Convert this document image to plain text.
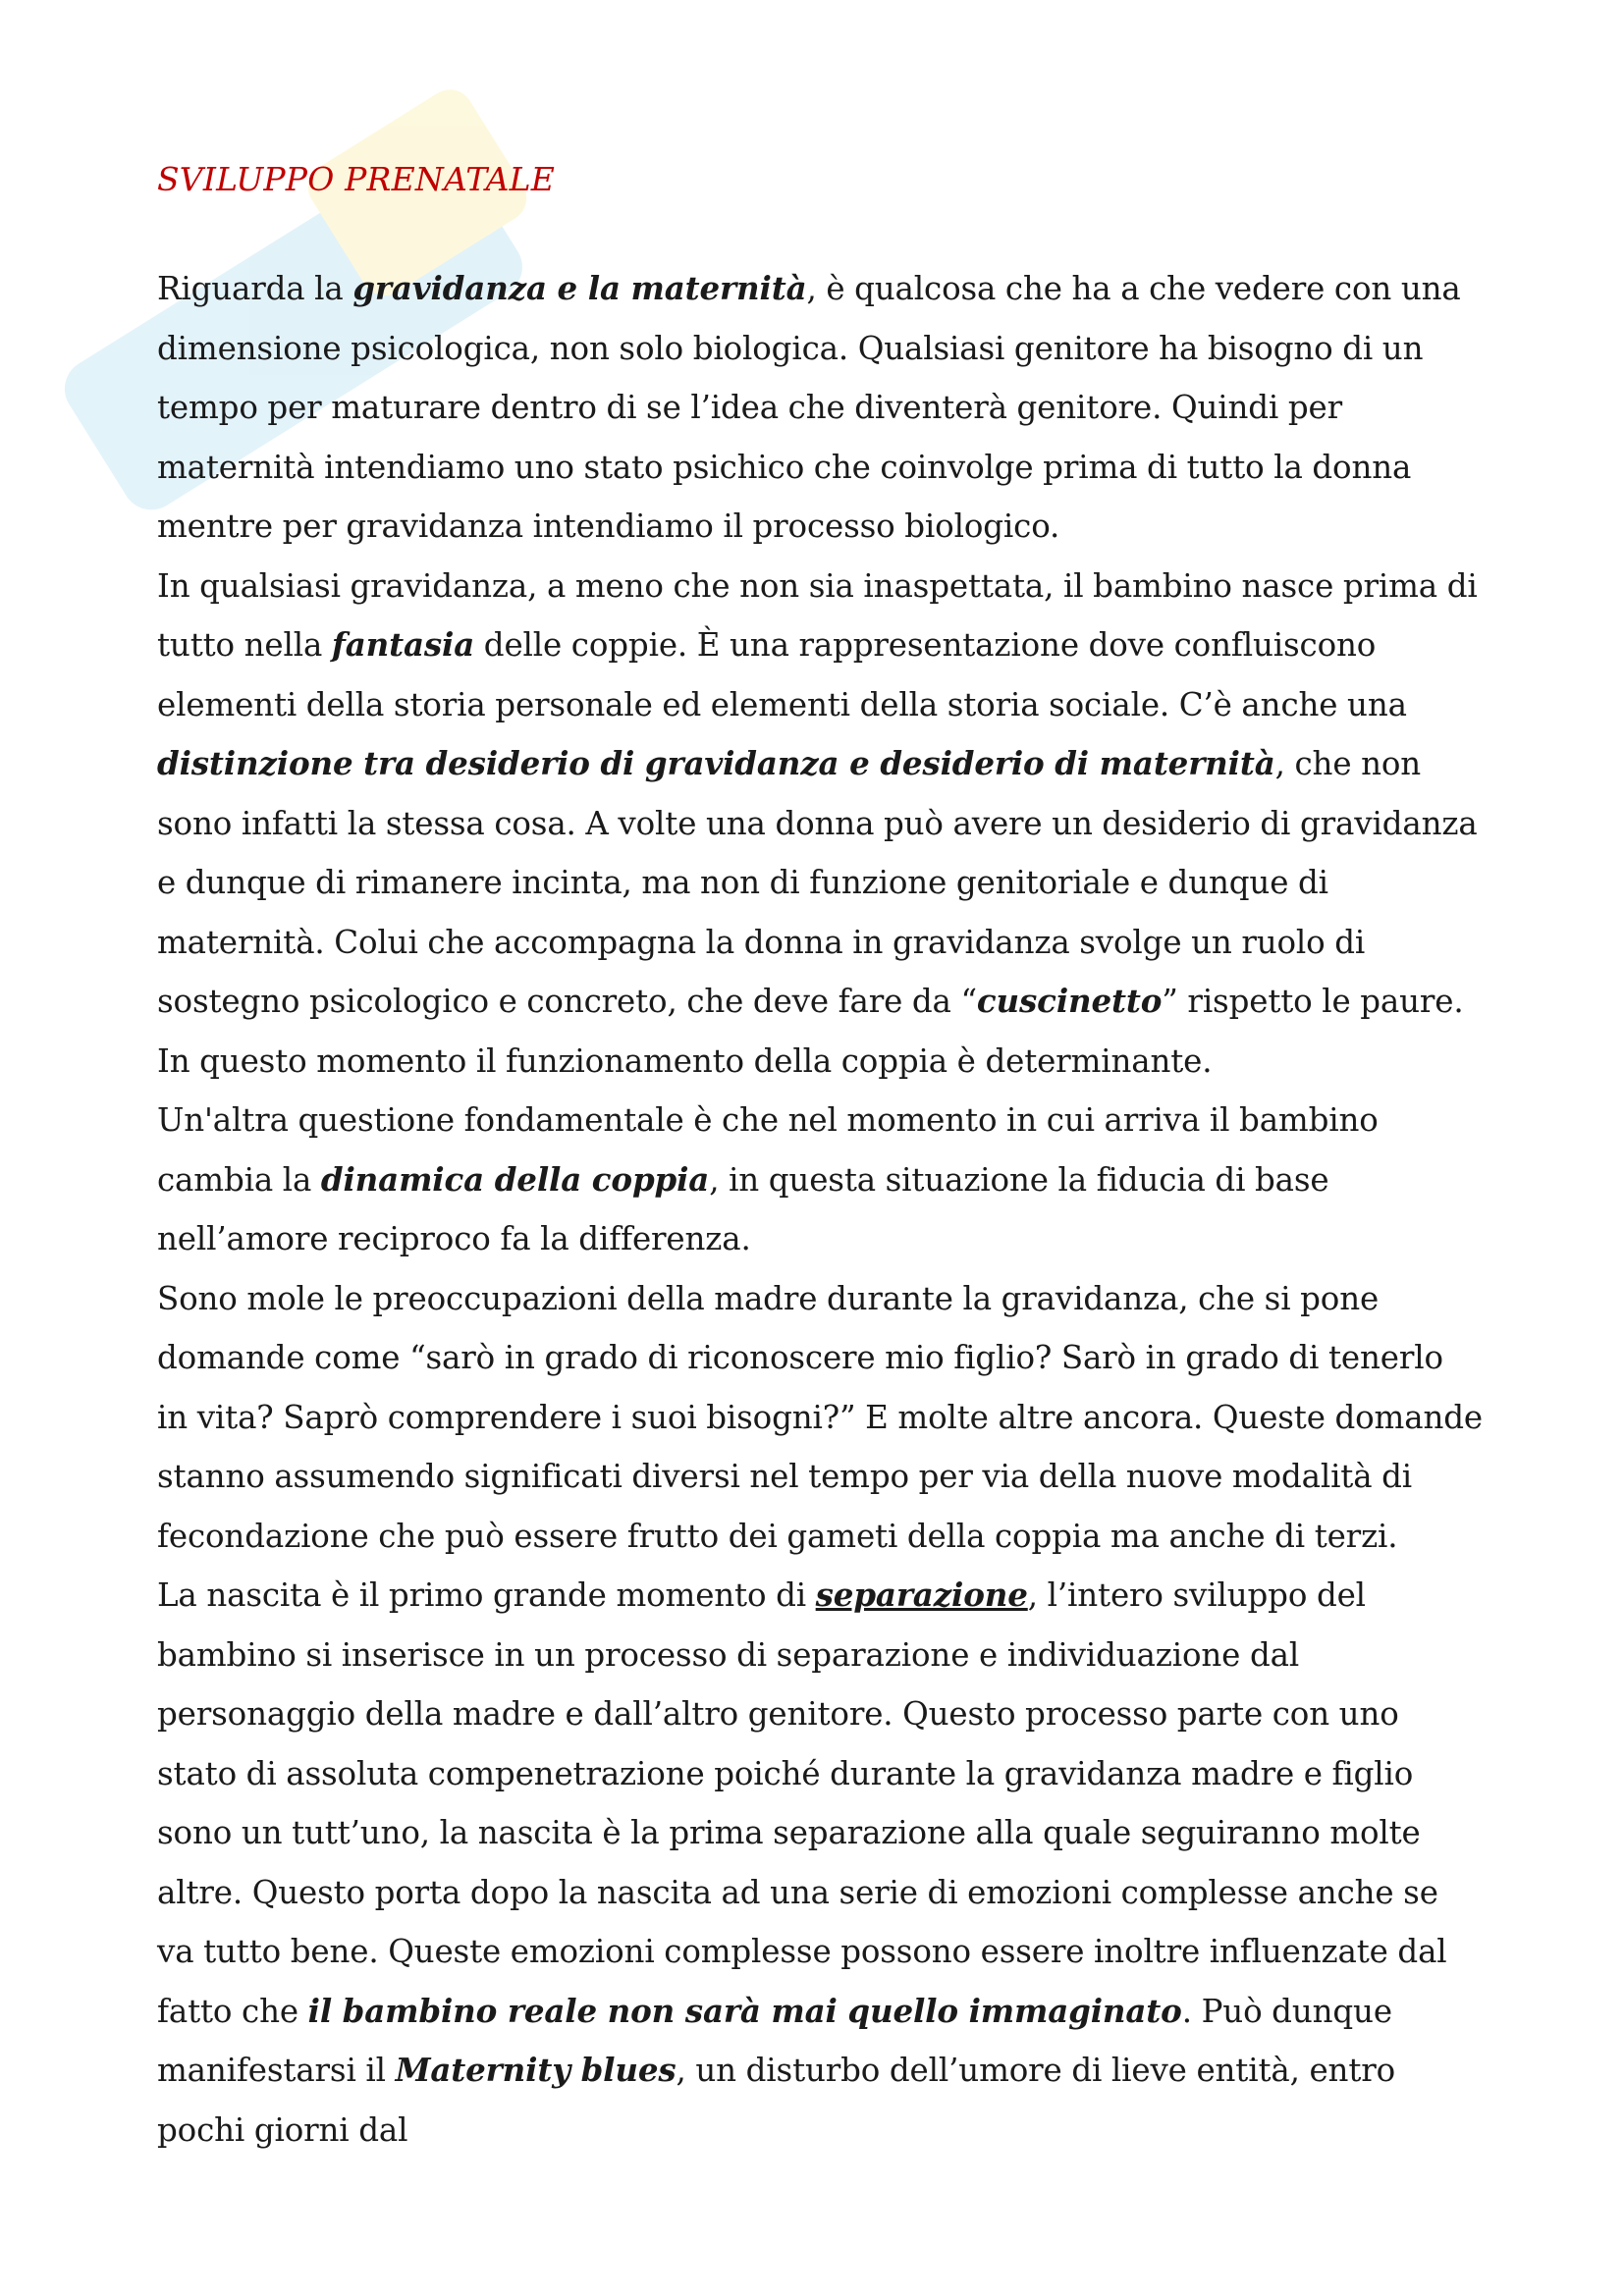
SVILUPPO PRENATALE

Riguarda la gravidanza e la maternità, è qualcosa che ha a che vedere con una dimensione psicologica, non solo biologica. Qualsiasi genitore ha bisogno di un tempo per maturare dentro di se l’idea che diventerà genitore. Quindi per maternità intendiamo uno stato psichico che coinvolge prima di tutto la donna mentre per gravidanza intendiamo il processo biologico.

In qualsiasi gravidanza, a meno che non sia inaspettata, il bambino nasce prima di tutto nella fantasia delle coppie. È una rappresentazione dove confluiscono elementi della storia personale ed elementi della storia sociale. C’è anche una distinzione tra desiderio di gravidanza e desiderio di maternità, che non sono infatti la stessa cosa. A volte una donna può avere un desiderio di gravidanza e dunque di rimanere incinta, ma non di funzione genitoriale e dunque di maternità. Colui che accompagna la donna in gravidanza svolge un ruolo di sostegno psicologico e concreto, che deve fare da “cuscinetto” rispetto le paure. In questo momento il funzionamento della coppia è determinante.

Un'altra questione fondamentale è che nel momento in cui arriva il bambino cambia la dinamica della coppia, in questa situazione la fiducia di base nell’amore reciproco fa la differenza.

Sono mole le preoccupazioni della madre durante la gravidanza, che si pone domande come “sarò in grado di riconoscere mio figlio? Sarò in grado di tenerlo in vita? Saprò comprendere i suoi bisogni?” E molte altre ancora. Queste domande stanno assumendo significati diversi nel tempo per via della nuove modalità di fecondazione che può essere frutto dei gameti della coppia ma anche di terzi.

La nascita è il primo grande momento di separazione, l’intero sviluppo del bambino si inserisce in un processo di separazione e individuazione dal personaggio della madre e dall’altro genitore. Questo processo parte con uno stato di assoluta compenetrazione poiché durante la gravidanza madre e figlio sono un tutt’uno, la nascita è la prima separazione alla quale seguiranno molte altre. Questo porta dopo la nascita ad una serie di emozioni complesse anche se va tutto bene. Queste emozioni complesse possono essere inoltre influenzate dal fatto che il bambino reale non sarà mai quello immaginato. Può dunque manifestarsi il Maternity blues, un disturbo dell’umore di lieve entità, entro pochi giorni dal
